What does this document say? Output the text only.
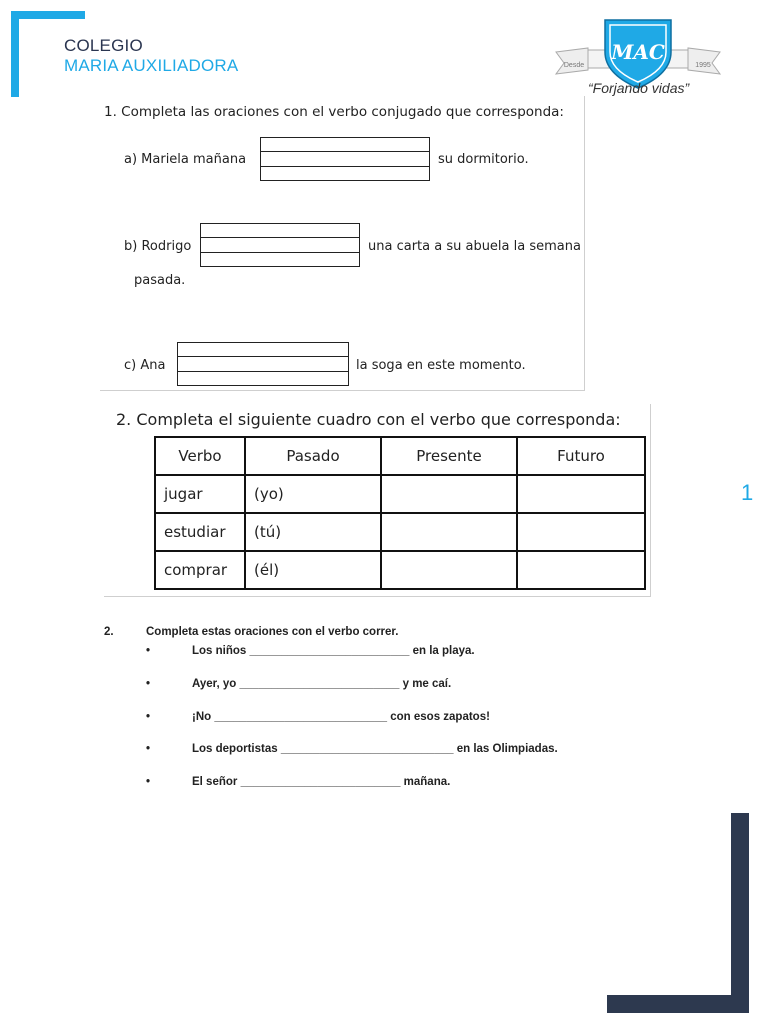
COLEGIO
MARIA AUXILIADORA
MAC
Desde	1995
“Forjando vidas”
1
1. Completa las oraciones con el verbo conjugado que corresponda:
a) Mariela mañana	su dormitorio.
b) Rodrigo	una carta a su abuela la semana
pasada.
c) Ana	la soga en este momento.
2. Completa el siguiente cuadro con el verbo que corresponda:
Verbo	Pasado	Presente	Futuro
jugar	(yo)		
estudiar	(tú)		
comprar	(él)		
2.	Completa estas oraciones con el verbo correr.
•	Los niños _________________________ en la playa.
•	Ayer, yo _________________________ y me caí.
•	¡No ___________________________ con esos zapatos!
•	Los deportistas ___________________________ en las Olimpiadas.
•	El señor _________________________ mañana.
